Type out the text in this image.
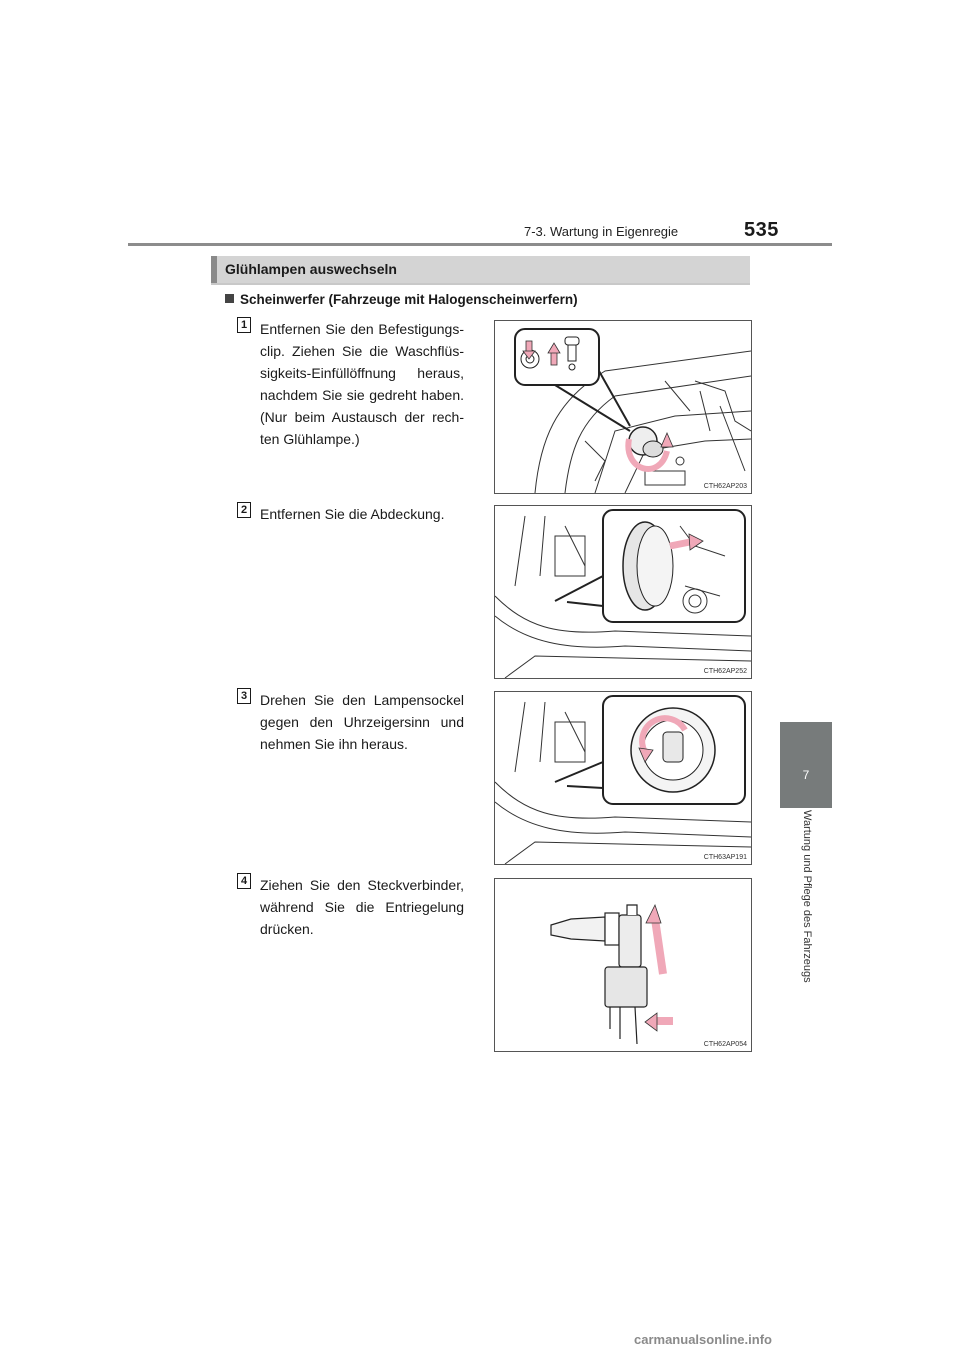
7-3. Wartung in Eigenregie	535
7
Wartung und Pflege des Fahrzeugs
Glühlampen auswechseln
Scheinwerfer (Fahrzeuge mit Halogenscheinwerfern)
1 Entfernen Sie den Befestigungs-clip. Ziehen Sie die Waschflüs-sigkeits-Einfüllöffnung heraus, nachdem Sie sie gedreht haben. (Nur beim Austausch der rech-ten Glühlampe.)
CTH62AP203
2 Entfernen Sie die Abdeckung.
CTH62AP252
3 Drehen Sie den Lampensockel gegen den Uhrzeigersinn und nehmen Sie ihn heraus.
CTH63AP191
4 Ziehen Sie den Steckverbinder, während Sie die Entriegelung drücken.
CTH62AP054
carmanualsonline.info
